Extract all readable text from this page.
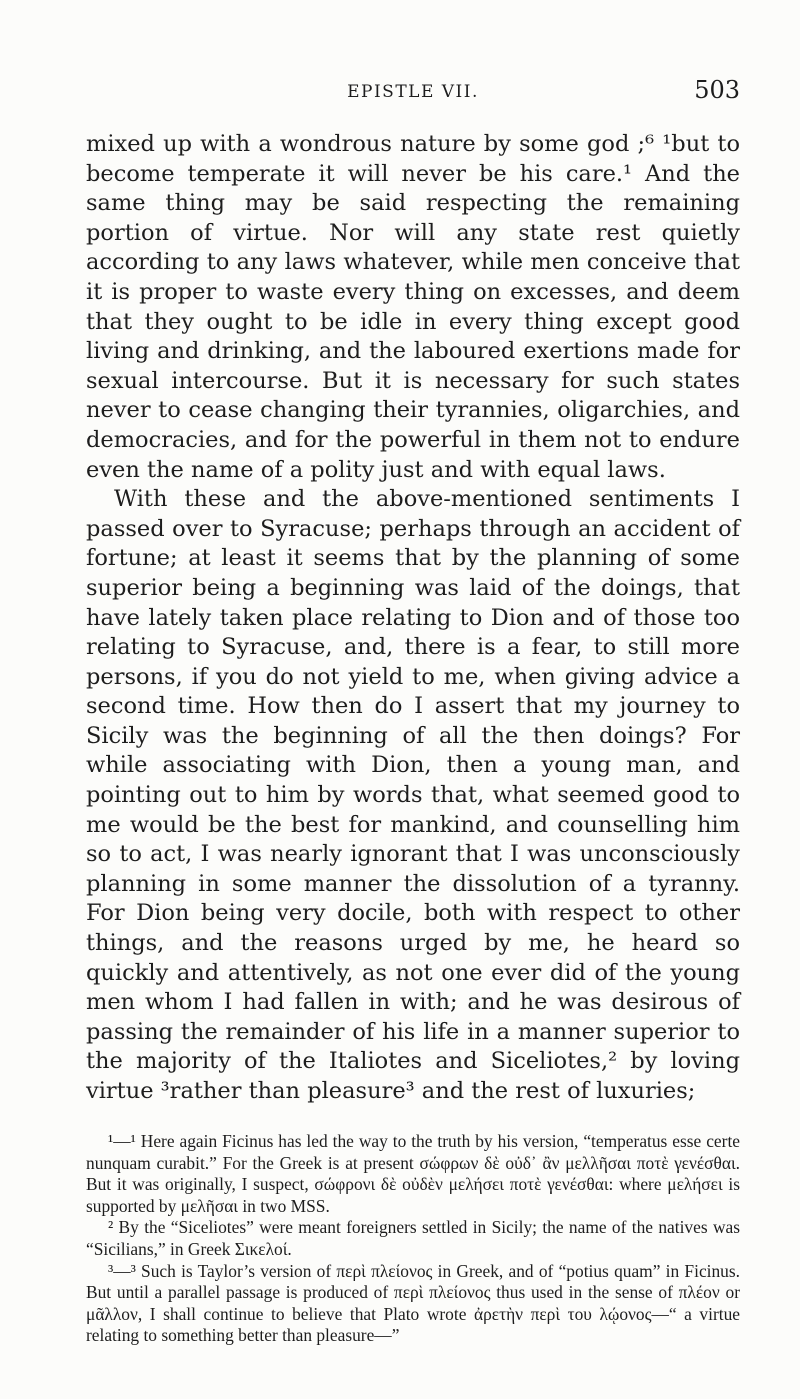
EPISTLE VII.	503

mixed up with a wondrous nature by some god ;⁶ ¹but to become temperate it will never be his care.¹ And the same thing may be said respecting the remaining portion of virtue. Nor will any state rest quietly according to any laws whatever, while men conceive that it is proper to waste every thing on excesses, and deem that they ought to be idle in every thing except good living and drinking, and the laboured exertions made for sexual intercourse. But it is necessary for such states never to cease changing their tyrannies, oligarchies, and democracies, and for the powerful in them not to endure even the name of a polity just and with equal laws.

With these and the above-mentioned sentiments I passed over to Syracuse; perhaps through an accident of fortune; at least it seems that by the planning of some superior being a beginning was laid of the doings, that have lately taken place relating to Dion and of those too relating to Syracuse, and, there is a fear, to still more persons, if you do not yield to me, when giving advice a second time. How then do I assert that my journey to Sicily was the beginning of all the then doings? For while associating with Dion, then a young man, and pointing out to him by words that, what seemed good to me would be the best for mankind, and counselling him so to act, I was nearly ignorant that I was unconsciously planning in some manner the dissolution of a tyranny. For Dion being very docile, both with respect to other things, and the reasons urged by me, he heard so quickly and attentively, as not one ever did of the young men whom I had fallen in with; and he was desirous of passing the remainder of his life in a manner superior to the majority of the Italiotes and Siceliotes,² by loving virtue ³rather than pleasure³ and the rest of luxuries;

¹—¹ Here again Ficinus has led the way to the truth by his version, “temperatus esse certe nunquam curabit.” For the Greek is at present σώφρων δὲ οὐδ᾽ ἂν μελλῆσαι ποτὲ γενέσθαι. But it was originally, I suspect, σώφρονι δὲ οὐδὲν μελήσει ποτὲ γενέσθαι: where μελήσει is supported by μελῆσαι in two MSS.

² By the “Siceliotes” were meant foreigners settled in Sicily; the name of the natives was “Sicilians,” in Greek Σικελοί.

³—³ Such is Taylor’s version of περὶ πλείονος in Greek, and of “potius quam” in Ficinus. But until a parallel passage is produced of περὶ πλείονος thus used in the sense of πλέον or μᾶλλον, I shall continue to believe that Plato wrote ἀρετὴν περὶ του λῴονος—“ a virtue relating to something better than pleasure—”
